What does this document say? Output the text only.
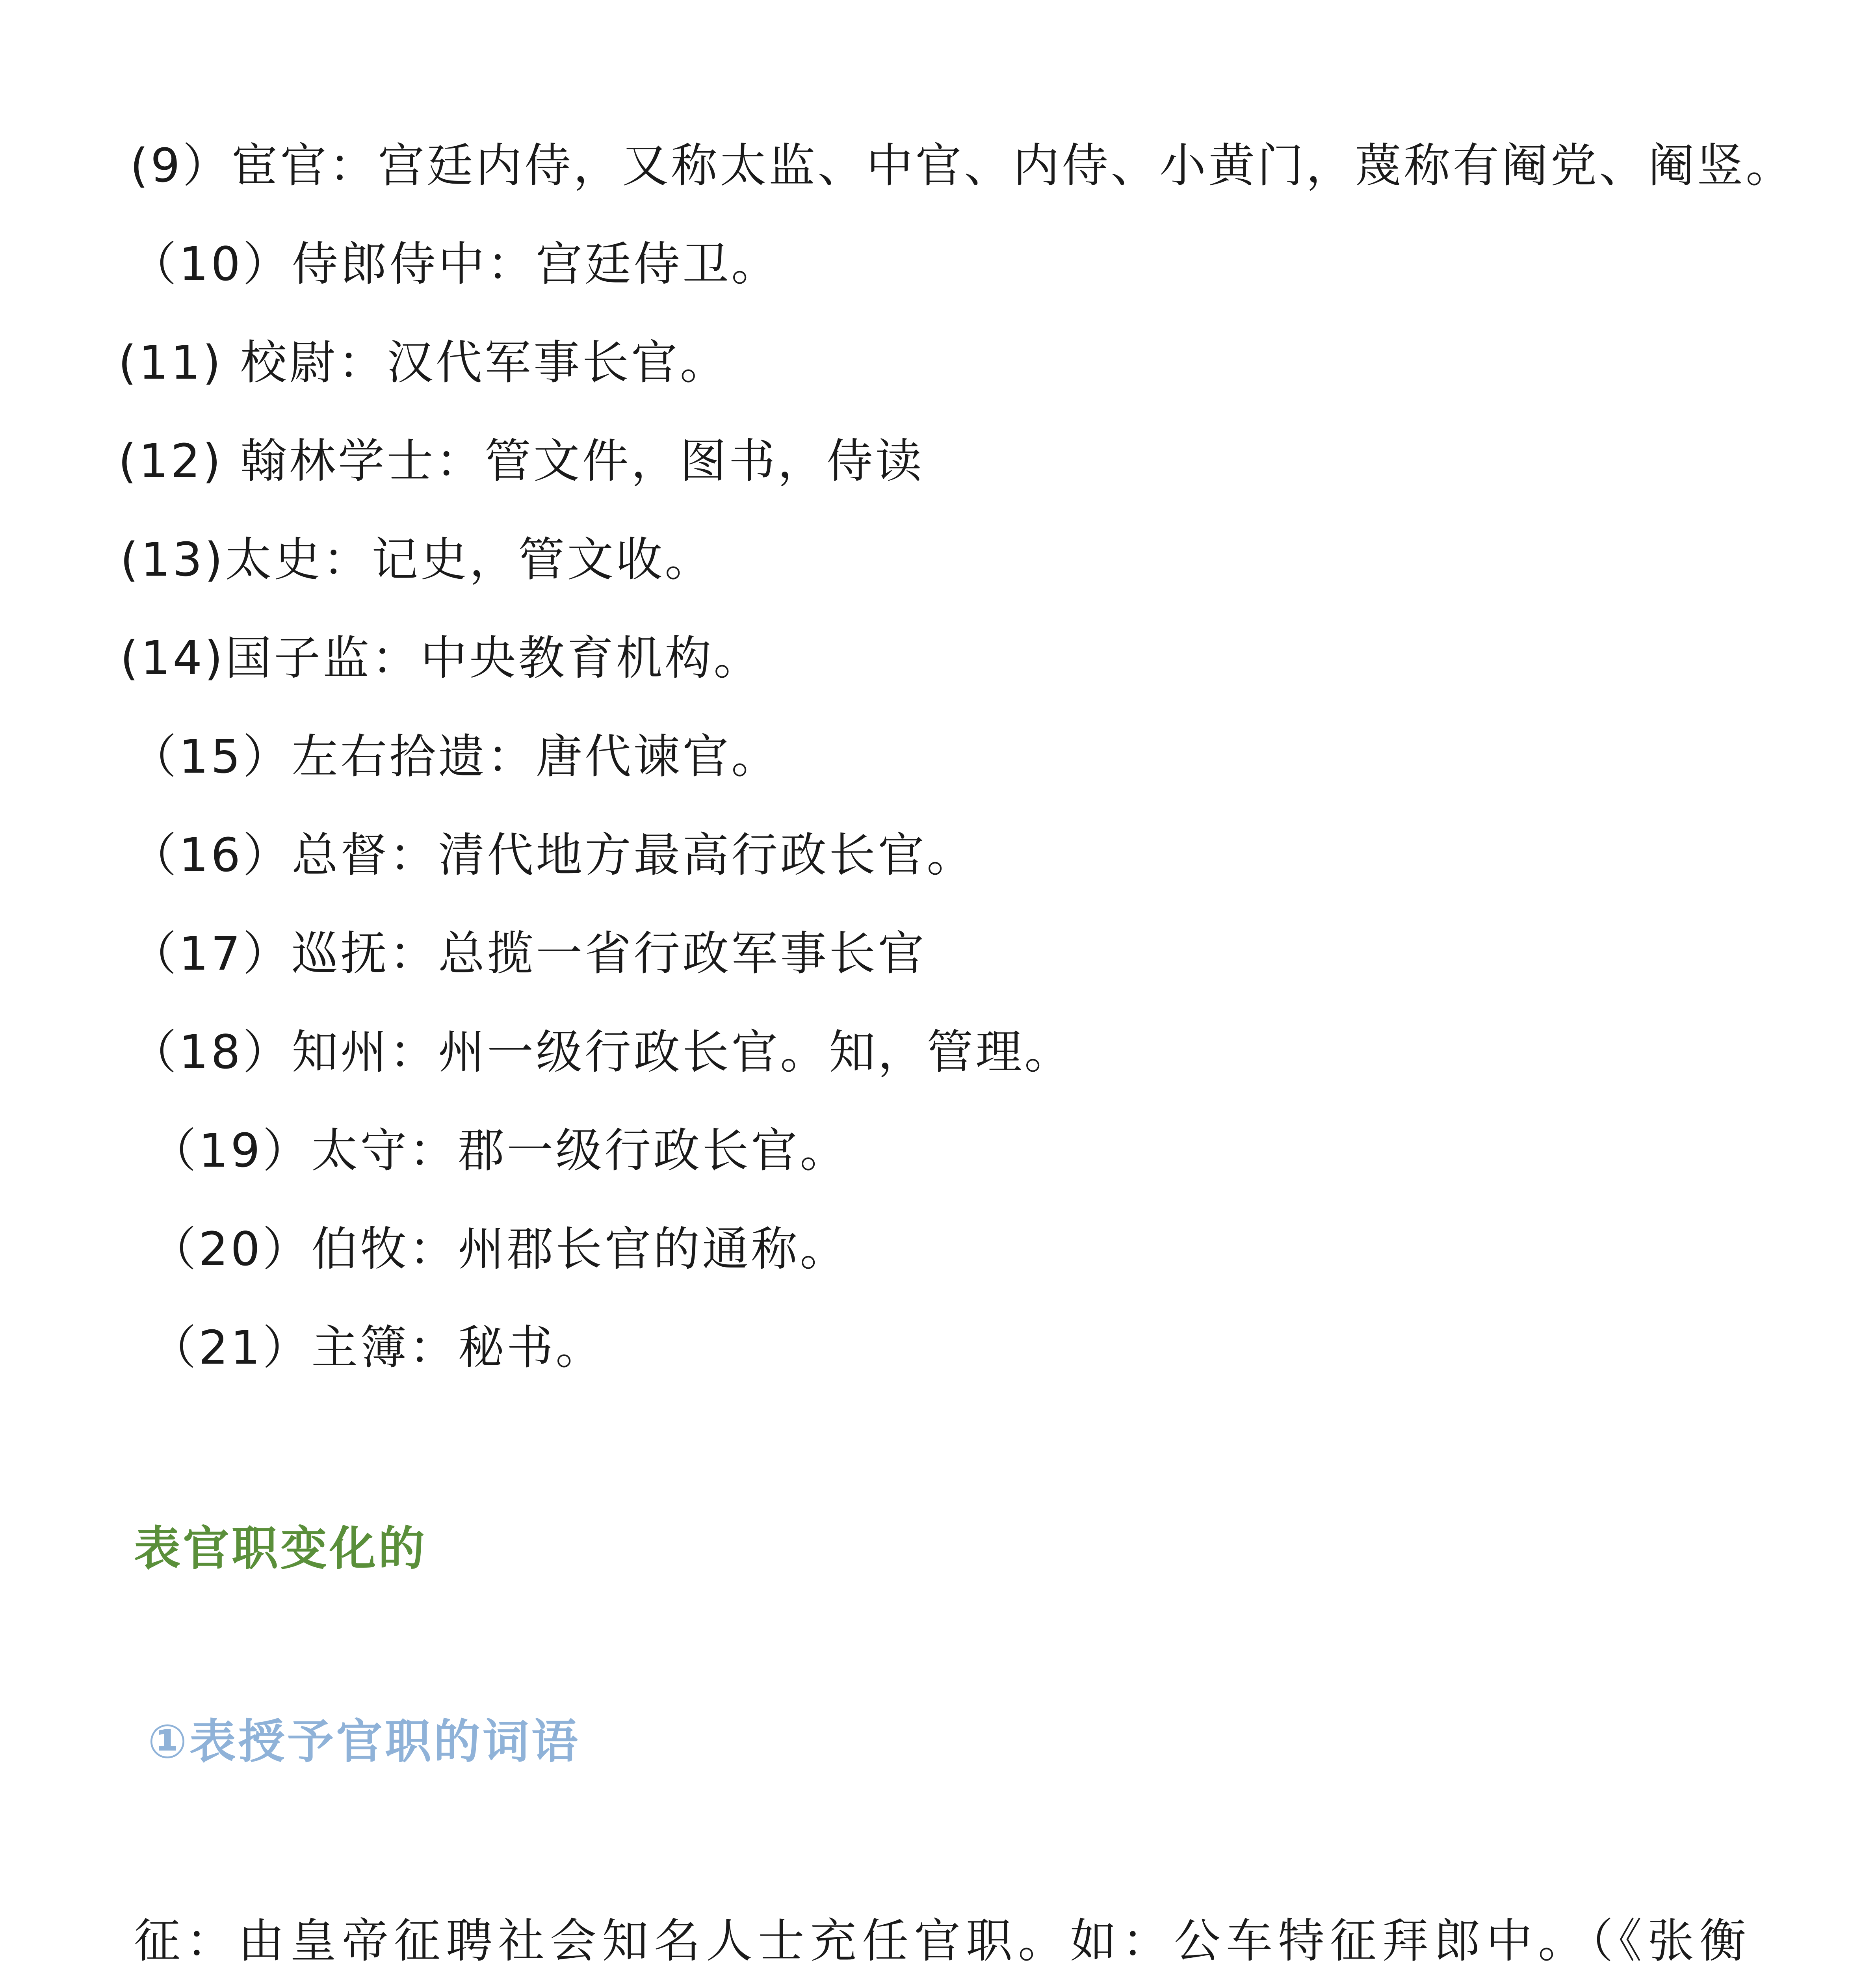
(9）宦官：宫廷内侍，又称太监、中官、内侍、小黄门，蔑称有阉党、阉竖。
（10）侍郎侍中：宫廷侍卫。
(11) 校尉：汉代军事长官。
(12) 翰林学士：管文件，图书，侍读
(13)太史：记史，管文收。
(14)国子监：中央教育机构。
（15）左右拾遗：唐代谏官。
（16）总督：清代地方最高行政长官。
（17）巡抚：总揽一省行政军事长官
（18）知州：州一级行政长官。知，管理。
（19）太守：郡一级行政长官。
（20）伯牧：州郡长官的通称。
（21）主簿：秘书。
表官职变化的
①表授予官职的词语
征：由皇帝征聘社会知名人士充任官职。如：公车特征拜郎中。（《张衡
